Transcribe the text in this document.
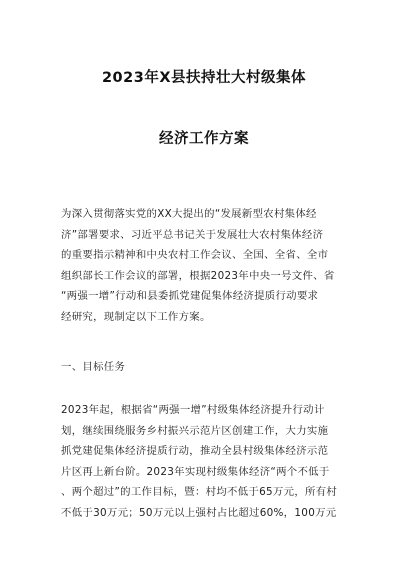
2023年X县扶持壮大村级集体
经济工作方案
为深入贯彻落实党的XX大提出的“发展新型农村集体经
济”部署要求、习近平总书记关于发展壮大农村集体经济
的重要指示精神和中央农村工作会议、全国、全省、全市
组织部长工作会议的部署，根据2023年中央一号文件、省
“两强一增”行动和县委抓党建促集体经济提质行动要求
经研究，现制定以下工作方案。
一、目标任务
2023年起，根据省“两强一增”村级集体经济提升行动计
划，继续围绕服务乡村振兴示范片区创建工作，大力实施
抓党建促集体经济提质行动，推动全县村级集体经济示范
片区再上新台阶。2023年实现村级集体经济“两个不低于
、两个超过”的工作目标，暨：村均不低于65万元，所有村
不低于30万元；50万元以上强村占比超过60%，100万元
